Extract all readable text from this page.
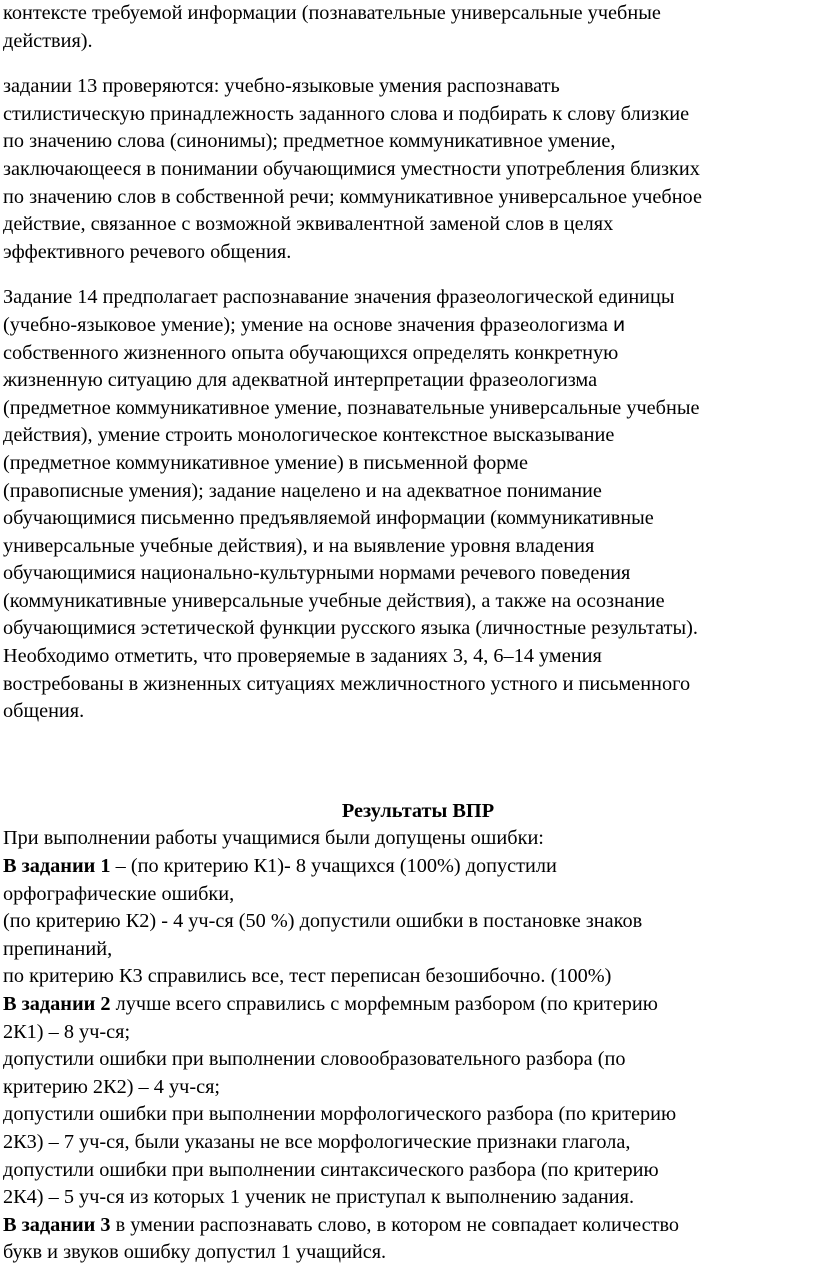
контексте требуемой информации (познавательные универсальные учебные
действия).
задании 13 проверяются: учебно-языковые умения распознавать
стилистическую принадлежность заданного слова и подбирать к слову близкие
по значению слова (синонимы); предметное коммуникативное умение,
заключающееся в понимании обучающимися уместности употребления близких
по значению слов в собственной речи; коммуникативное универсальное учебное
действие, связанное с возможной эквивалентной заменой слов в целях
эффективного речевого общения.
Задание 14 предполагает распознавание значения фразеологической единицы
(учебно-языковое умение); умение на основе значения фразеологизма и
собственного жизненного опыта обучающихся определять конкретную
жизненную ситуацию для адекватной интерпретации фразеологизма
(предметное коммуникативное умение, познавательные универсальные учебные
действия), умение строить монологическое контекстное высказывание
(предметное коммуникативное умение) в письменной форме
(правописные умения); задание нацелено и на адекватное понимание
обучающимися письменно предъявляемой информации (коммуникативные
универсальные учебные действия), и на выявление уровня владения
обучающимися национально-культурными нормами речевого поведения
(коммуникативные универсальные учебные действия), а также на осознание
обучающимися эстетической функции русского языка (личностные результаты).
Необходимо отметить, что проверяемые в заданиях 3, 4, 6–14 умения
востребованы в жизненных ситуациях межличностного устного и письменного
общения.
Результаты ВПР
При выполнении работы учащимися были допущены ошибки:
В задании 1 – (по критерию К1)- 8 учащихся (100%) допустили
орфографические ошибки,
(по критерию К2) - 4 уч-ся (50 %) допустили ошибки в постановке знаков
препинаний,
по критерию К3 справились все, тест переписан безошибочно. (100%)
В задании 2 лучше всего справились с морфемным разбором (по критерию
2К1) – 8 уч-ся;
допустили ошибки при выполнении словообразовательного разбора (по
критерию 2К2) – 4 уч-ся;
допустили ошибки при выполнении морфологического разбора (по критерию
2К3) – 7 уч-ся, были указаны не все морфологические признаки глагола,
допустили ошибки при выполнении синтаксического разбора (по критерию
2К4) – 5 уч-ся из которых 1 ученик не приступал к выполнению задания.
В задании 3 в умении распознавать слово, в котором не совпадает количество
букв и звуков ошибку допустил 1 учащийся.
